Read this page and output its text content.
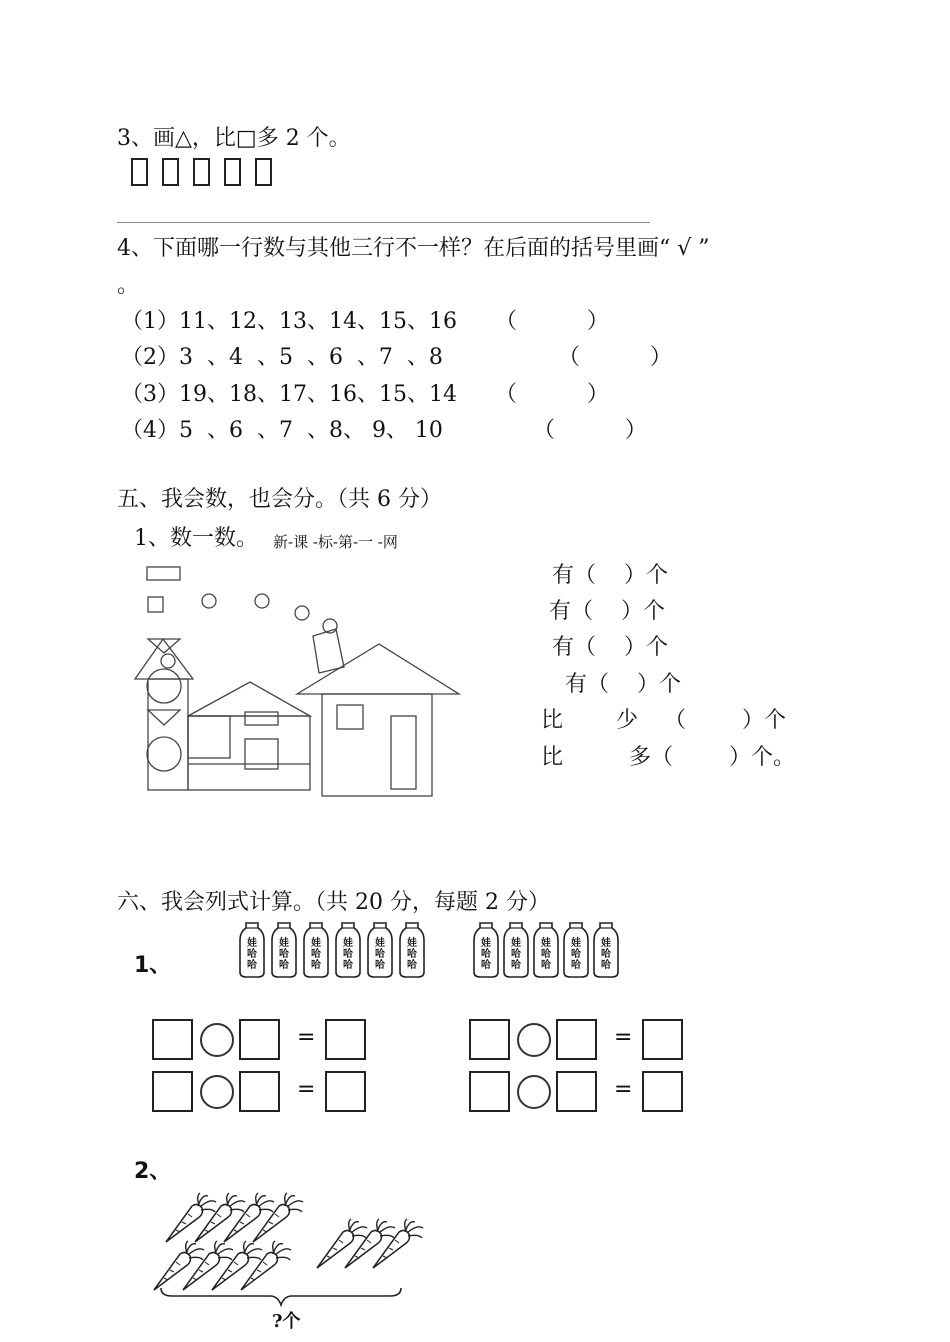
3、画△，比□多 2 个。
4、下面哪一行数与其他三行不一样？在后面的括号里画“ √ ”
。
（1）11、12、13、14、15、16 （          ）
（2）3  、4  、5  、6  、7  、8	（          ）
（3）19、18、17、16、15、14 （          ）
（4）5  、6  、7  、8、 9、 10	（          ）
五、我会数，也会分。（共 6 分）
1、数一数。 新-课 -标-第-一 -网
有（    ）个
有（    ）个
有（    ）个
有（    ）个
比 少 （        ）个
比	多（        ）个。
六、我会列式计算。（共 20 分，每题 2 分）
1、
娃
哈
哈
娃
哈
哈
娃
哈
哈
娃
哈
哈
娃
哈
哈
娃
哈
哈
娃
哈
哈
娃
哈
哈
娃
哈
哈
娃
哈
哈
娃
哈
哈
=
=
=
=
2、
?个
